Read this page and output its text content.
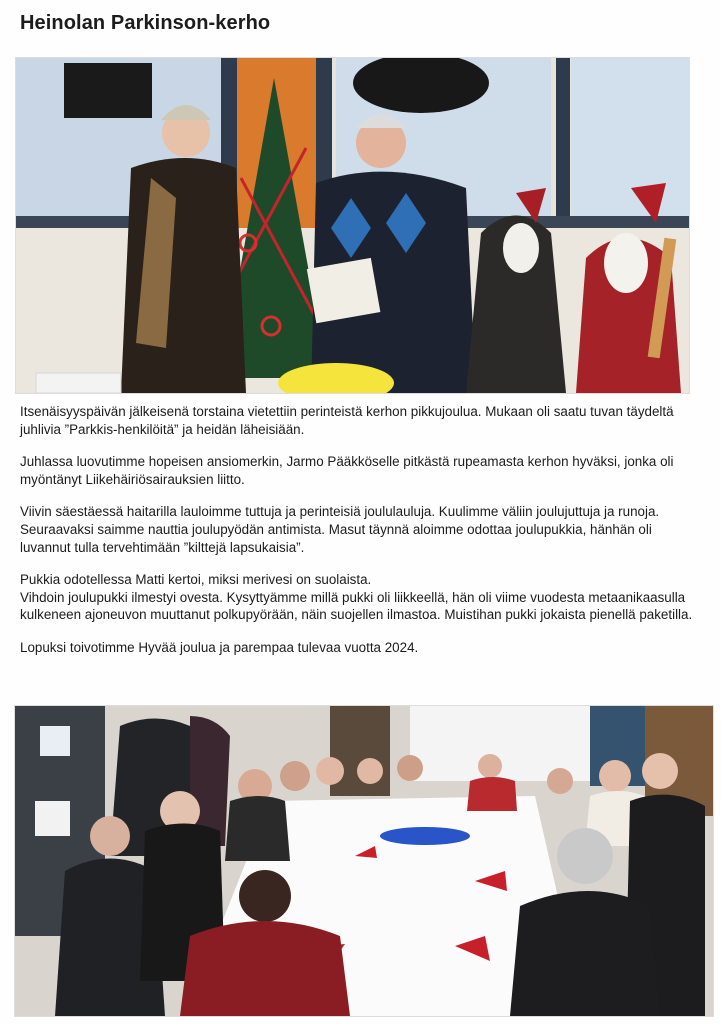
Heinolan Parkinson-kerho

Itsenäisyyspäivän jälkeisenä torstaina vietettiin perinteistä kerhon pikkujoulua. Mukaan oli saatu tuvan täydeltä juhlivia ”Parkkis-henkilöitä” ja heidän läheisiään.

Juhlassa luovutimme hopeisen ansiomerkin, Jarmo Pääkköselle pitkästä rupeamasta kerhon hyväksi, jonka oli myöntänyt Liikehäiriösairauksien liitto.

Viivin säestäessä haitarilla lauloimme tuttuja ja perinteisiä joululauluja. Kuulimme väliin joulujuttuja ja runoja.
Seuraavaksi saimme nauttia jouluруödän antimista. Masut täynnä aloimme odottaa joulupukkia, hänhän oli luvannut tulla tervehtimään ”kilttejä lapsukaisia”.

Pukkia odotellessa Matti kertoi, miksi merivesi on suolaista.
Vihdoin joulupukki ilmestyi ovesta. Kysyttyämme millä pukki oli liikkeellä, hän oli viime vuodesta metaanikaasulla kulkeneen ajoneuvon muuttanut polkupyörään, näin suojellen ilmastoa. Muistihan pukki jokaista pienellä paketilla.

Lopuksi toivotimme Hyvää joulua ja parempaa tulevaa vuotta 2024.
